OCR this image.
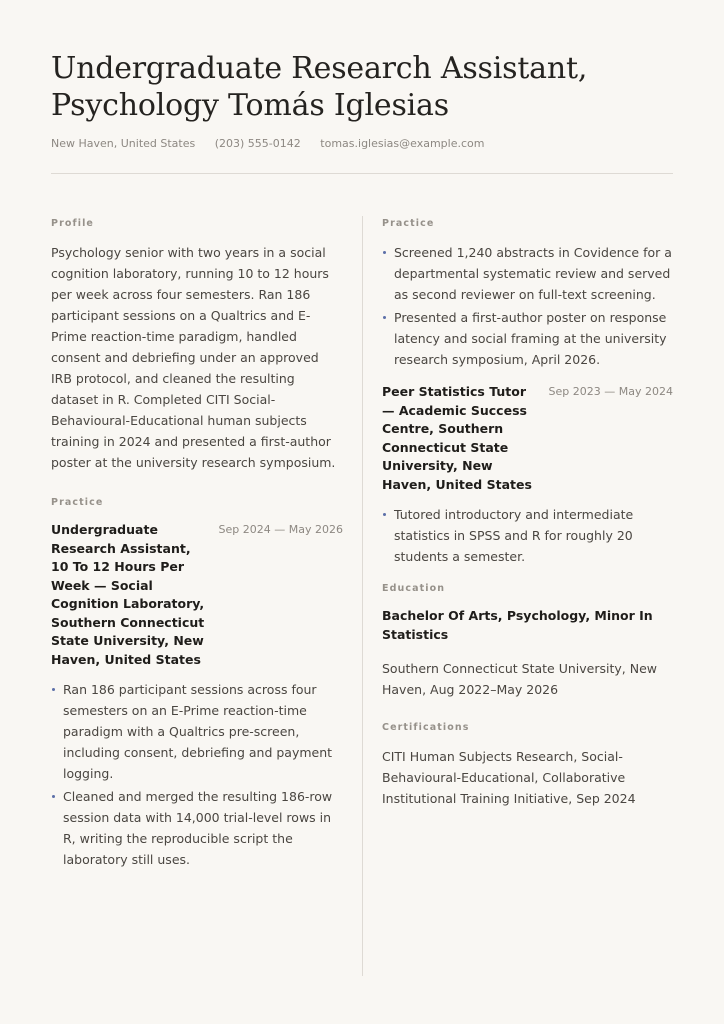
Undergraduate Research Assistant, Psychology Tomás Iglesias
New Haven, United States (203) 555-0142 tomas.iglesias@example.com
Profile

Psychology senior with two years in a social cognition laboratory, running 10 to 12 hours per week across four semesters. Ran 186 participant sessions on a Qualtrics and E-Prime reaction-time paradigm, handled consent and debriefing under an approved IRB protocol, and cleaned the resulting dataset in R. Completed CITI Social-Behavioural-Educational human subjects training in 2024 and presented a first-author poster at the university research symposium.

Practice

Undergraduate Research Assistant, 10 To 12 Hours Per Week — Social Cognition Laboratory, Southern Connecticut State University, New Haven, United States

Sep 2024 — May 2026
Ran 186 participant sessions across four semesters on an E-Prime reaction-time paradigm with a Qualtrics pre-screen, including consent, debriefing and payment logging.
Cleaned and merged the resulting 186-row session data with 14,000 trial-level rows in R, writing the reproducible script the laboratory still uses.
Practice
Screened 1,240 abstracts in Covidence for a departmental systematic review and served as second reviewer on full-text screening.
Presented a first-author poster on response latency and social framing at the university research symposium, April 2026.

Peer Statistics Tutor — Academic Success Centre, Southern Connecticut State University, New Haven, United States

Sep 2023 — May 2024
Tutored introductory and intermediate statistics in SPSS and R for roughly 20 students a semester.
Education

Bachelor Of Arts, Psychology, Minor In Statistics

Southern Connecticut State University, New Haven, Aug 2022–May 2026

Certifications

CITI Human Subjects Research, Social-Behavioural-Educational, Collaborative Institutional Training Initiative, Sep 2024
